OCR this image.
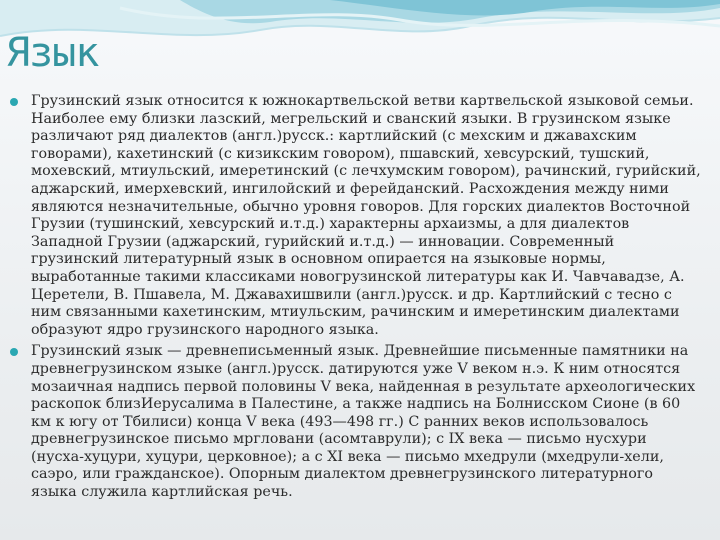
Язык
Грузинский язык относится к южнокартвельской ветви картвельской языковой семьи. Наиболее ему близки лазский, мегрельский и сванский языки. В грузинском языке различают ряд диалектов (англ.)русск.: картлийский (с мехским и джавахским говорами), кахетинский (с кизикским говором), пшавский, хевсурский, тушский, мохевский, мтиульский, имеретинский (с лечхумским говором), рачинский, гурийский, аджарский, имерхевский, ингилойский и ферейданский. Расхождения между ними являются незначительные, обычно уровня говоров. Для горских диалектов Восточной Грузии (тушинский, хевсурский и.т.д.) характерны архаизмы, а для диалектов Западной Грузии (аджарский, гурийский и.т.д.) — инновации. Современный грузинский литературный язык в основном опирается на языковые нормы, выработанные такими классиками новогрузинской литературы как И. Чавчавадзе, А. Церетели, В. Пшавела, М. Джавахишвили (англ.)русск. и др. Картлийский с тесно с ним связанными кахетинским, мтиульским, рачинским и имеретинским диалектами образуют ядро грузинского народного языка.
Грузинский язык — древнеписьменный язык. Древнейшие письменные памятники на древнегрузинском языке (англ.)русск. датируются уже V веком н.э. К ним относятся мозаичная надпись первой половины V века, найденная в результате археологических раскопок близИерусалима в Палестине, а также надпись на Болнисском Сионе (в 60 км к югу от Тбилиси) конца V века (493—498 гг.) С ранних веков использовалось древнегрузинское письмо мргловани (асомтаврули); с IX века — письмо нусхури (нусха-хуцури, хуцури, церковное); а с XI века — письмо мхедрули (мхедрули-хели, саэро, или гражданское). Опорным диалектом древнегрузинского литературного языка служила картлийская речь.
